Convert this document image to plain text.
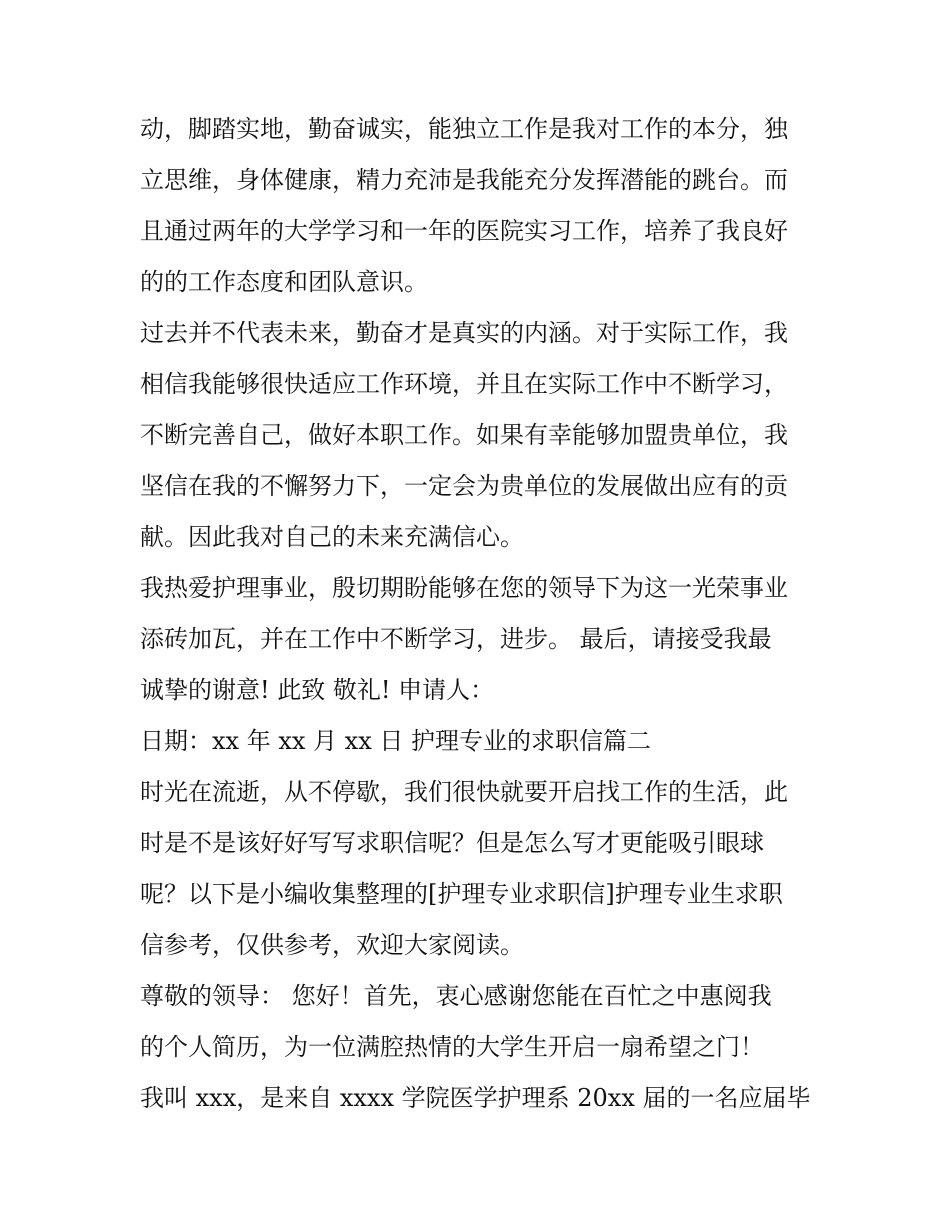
动，脚踏实地，勤奋诚实，能独立工作是我对工作的本分，独
立思维，身体健康，精力充沛是我能充分发挥潜能的跳台。而
且通过两年的大学学习和一年的医院实习工作，培养了我良好
的的工作态度和团队意识。
过去并不代表未来，勤奋才是真实的内涵。对于实际工作，我
相信我能够很快适应工作环境，并且在实际工作中不断学习，
不断完善自己，做好本职工作。如果有幸能够加盟贵单位，我
坚信在我的不懈努力下，一定会为贵单位的发展做出应有的贡
献。因此我对自己的未来充满信心。
我热爱护理事业，殷切期盼能够在您的领导下为这一光荣事业
添砖加瓦，并在工作中不断学习，进步。 最后，请接受我最
诚挚的谢意! 此致 敬礼! 申请人：
日期：xx 年 xx 月 xx 日 护理专业的求职信篇二
时光在流逝，从不停歇，我们很快就要开启找工作的生活，此
时是不是该好好写写求职信呢？但是怎么写才更能吸引眼球
呢？以下是小编收集整理的[护理专业求职信]护理专业生求职
信参考，仅供参考，欢迎大家阅读。
尊敬的领导： 您好！首先，衷心感谢您能在百忙之中惠阅我
的个人简历，为一位满腔热情的大学生开启一扇希望之门！
我叫 xxx，是来自 xxxx 学院医学护理系 20xx 届的一名应届毕
